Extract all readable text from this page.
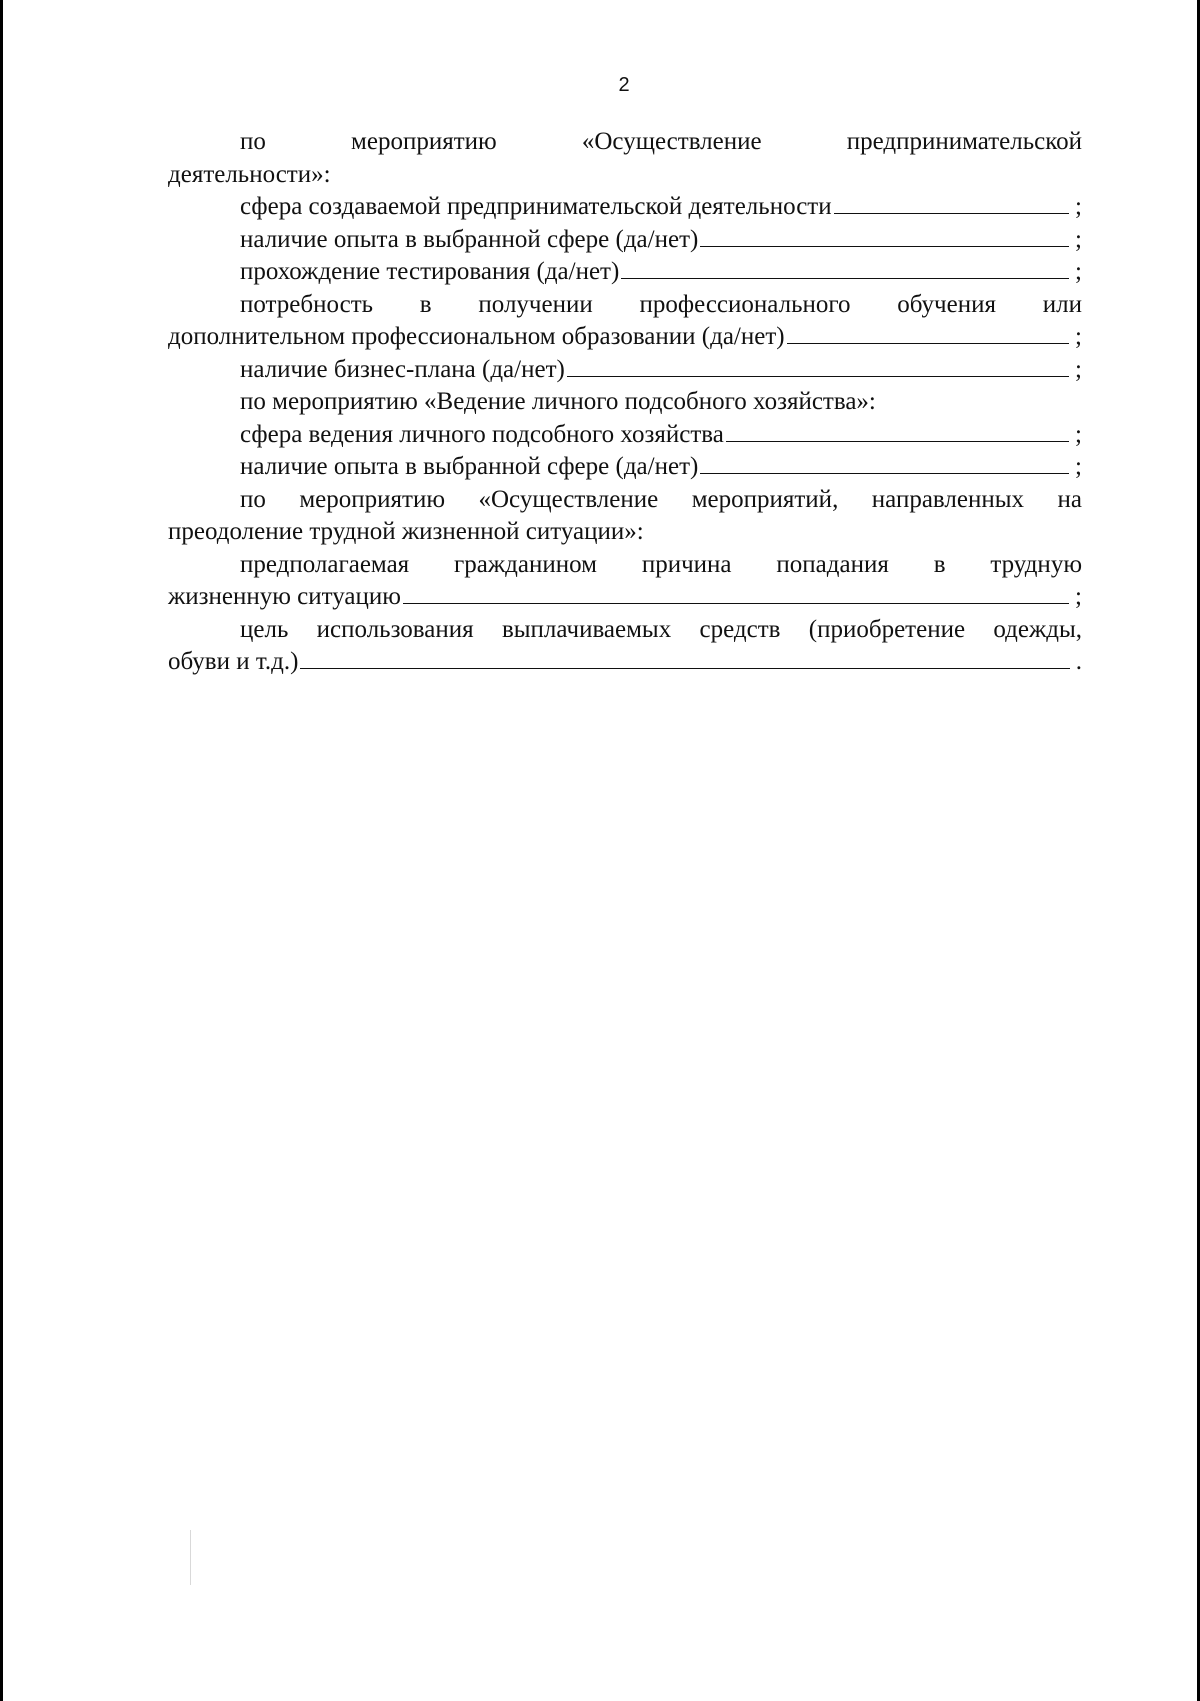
2
по мероприятию «Осуществление предпринимательской
деятельности»:
сфера создаваемой предпринимательской деятельности	;
наличие опыта в выбранной сфере (да/нет)	;
прохождение тестирования (да/нет)	;
потребность в получении профессионального обучения или
дополнительном профессиональном образовании (да/нет)	;
наличие бизнес-плана (да/нет)	;
по мероприятию «Ведение личного подсобного хозяйства»:
сфера ведения личного подсобного хозяйства	;
наличие опыта в выбранной сфере (да/нет)	;
по мероприятию «Осуществление мероприятий, направленных на
преодоление трудной жизненной ситуации»:
предполагаемая гражданином причина попадания в трудную
жизненную ситуацию	;
цель использования выплачиваемых средств (приобретение одежды,
обуви и т.д.)	.
